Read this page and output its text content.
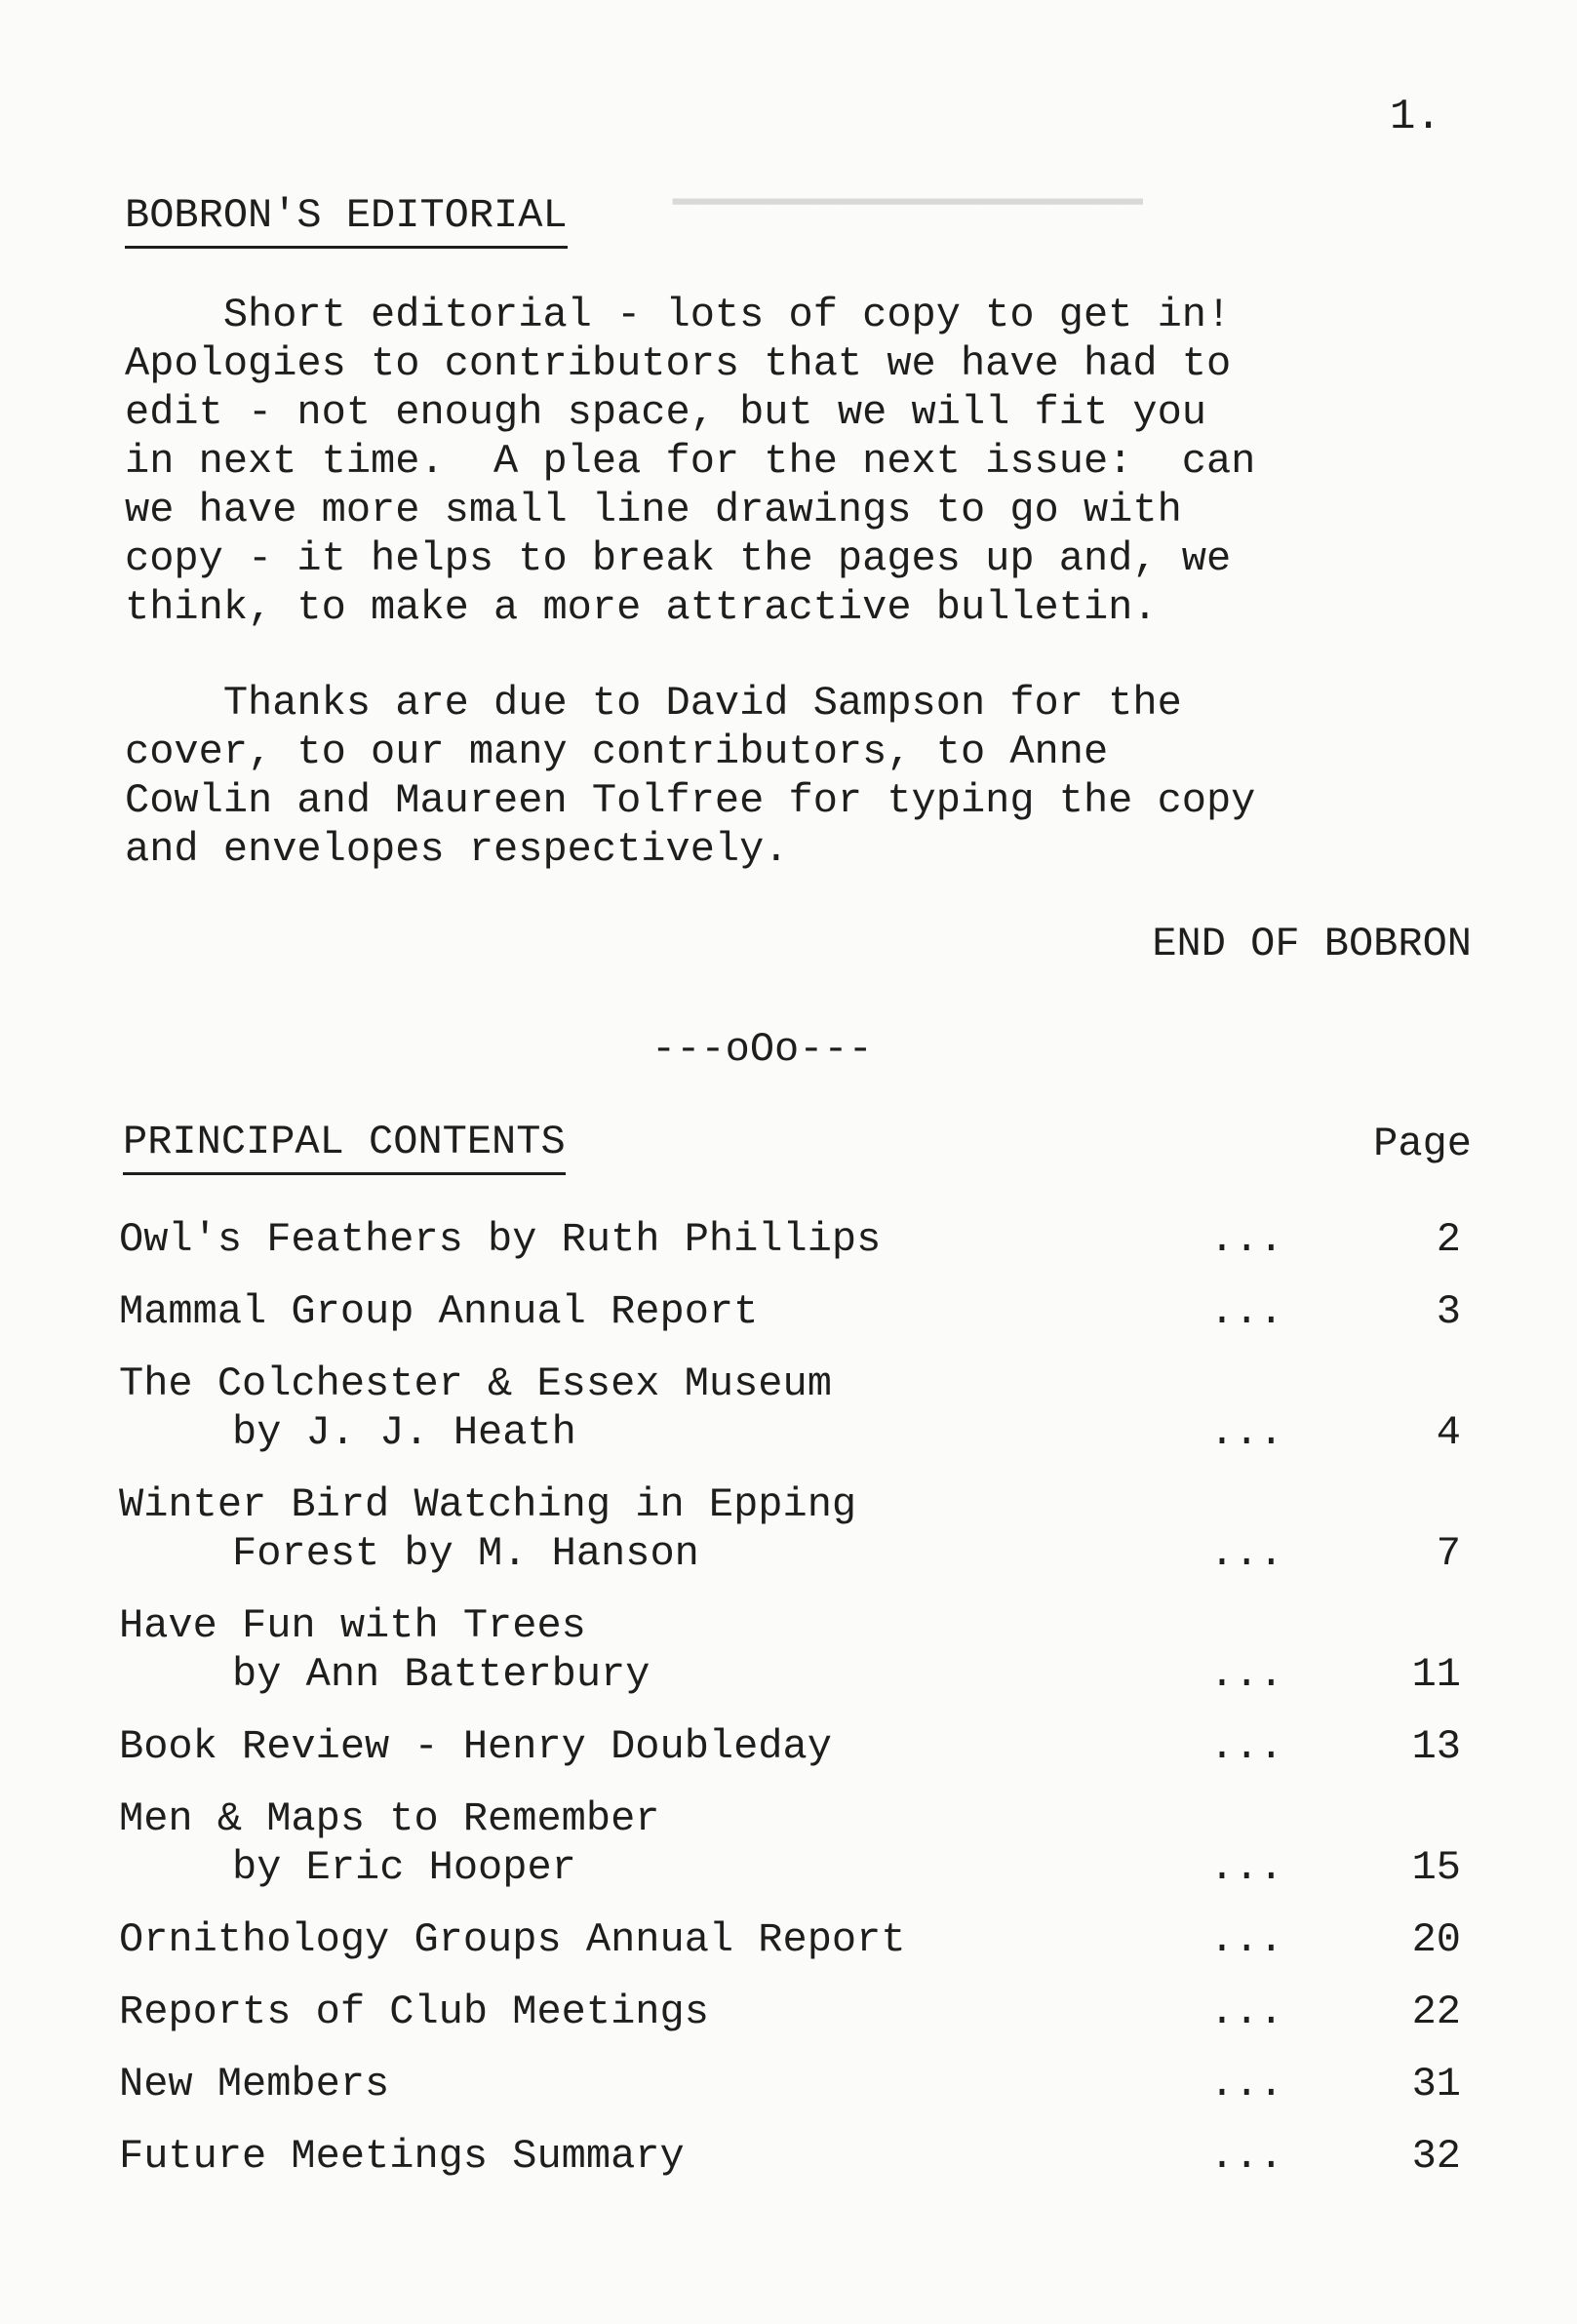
▔▔▔▔▔▔▔▔▔▔▔▔▔▔▔▔▔▔▔▔
1.
BOBRON'S EDITORIAL

Short editorial - lots of copy to get in!
Apologies to contributors that we have had to
edit - not enough space, but we will fit you
in next time.  A plea for the next issue:  can
we have more small line drawings to go with
copy - it helps to break the pages up and, we
think, to make a more attractive bulletin.

Thanks are due to David Sampson for the
cover, to our many contributors, to Anne
Cowlin and Maureen Tolfree for typing the copy
and envelopes respectively.

END OF BOBRON
---oOo---
PRINCIPAL CONTENTS	Page
Owl's Feathers by Ruth Phillips	...	2
Mammal Group Annual Report	...	3
The Colchester & Essex Museum
by J. J. Heath	...	4
Winter Bird Watching in Epping
Forest by M. Hanson	...	7
Have Fun with Trees
by Ann Batterbury	...	11
Book Review - Henry Doubleday	...	13
Men & Maps to Remember
by Eric Hooper	...	15
Ornithology Groups Annual Report	...	20
Reports of Club Meetings	...	22
New Members	...	31
Future Meetings Summary	...	32
